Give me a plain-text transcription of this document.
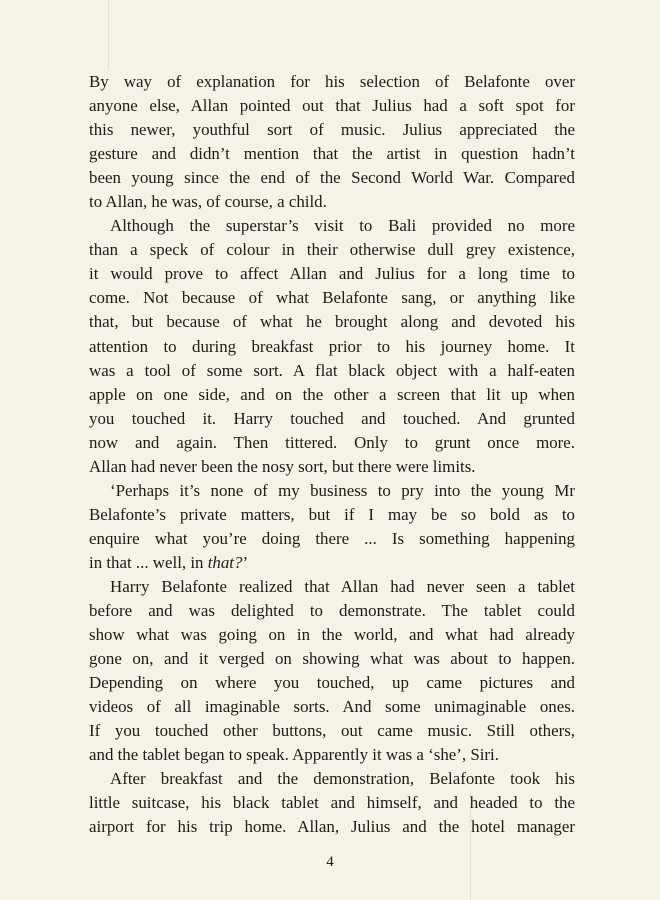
By way of explanation for his selection of Belafonte over
anyone else, Allan pointed out that Julius had a soft spot for
this newer, youthful sort of music. Julius appreciated the
gesture and didn’t mention that the artist in question hadn’t
been young since the end of the Second World War. Compared
to Allan, he was, of course, a child.
Although the superstar’s visit to Bali provided no more
than a speck of colour in their otherwise dull grey existence,
it would prove to affect Allan and Julius for a long time to
come. Not because of what Belafonte sang, or anything like
that, but because of what he brought along and devoted his
attention to during breakfast prior to his journey home. It
was a tool of some sort. A flat black object with a half-eaten
apple on one side, and on the other a screen that lit up when
you touched it. Harry touched and touched. And grunted
now and again. Then tittered. Only to grunt once more.
Allan had never been the nosy sort, but there were limits.
‘Perhaps it’s none of my business to pry into the young Mr
Belafonte’s private matters, but if I may be so bold as to
enquire what you’re doing there ... Is something happening
in that ... well, in that?’
Harry Belafonte realized that Allan had never seen a tablet
before and was delighted to demonstrate. The tablet could
show what was going on in the world, and what had already
gone on, and it verged on showing what was about to happen.
Depending on where you touched, up came pictures and
videos of all imaginable sorts. And some unimaginable ones.
If you touched other buttons, out came music. Still others,
and the tablet began to speak. Apparently it was a ‘she’, Siri.
After breakfast and the demonstration, Belafonte took his
little suitcase, his black tablet and himself, and headed to the
airport for his trip home. Allan, Julius and the hotel manager
4
